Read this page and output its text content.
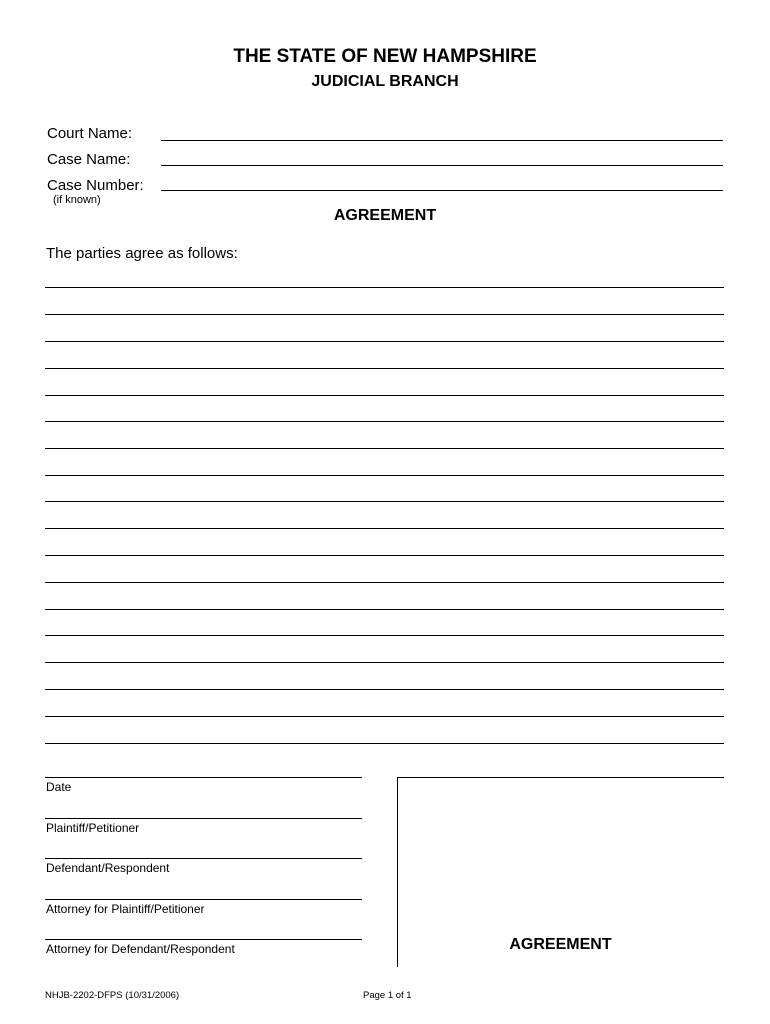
THE STATE OF NEW HAMPSHIRE
JUDICIAL BRANCH
Court Name:
Case Name:
Case Number:
(if known)
AGREEMENT
The parties agree as follows:
Date
Plaintiff/Petitioner
Defendant/Respondent
Attorney for Plaintiff/Petitioner
Attorney for Defendant/Respondent	AGREEMENT
NHJB-2202-DFPS (10/31/2006)	Page 1 of 1
